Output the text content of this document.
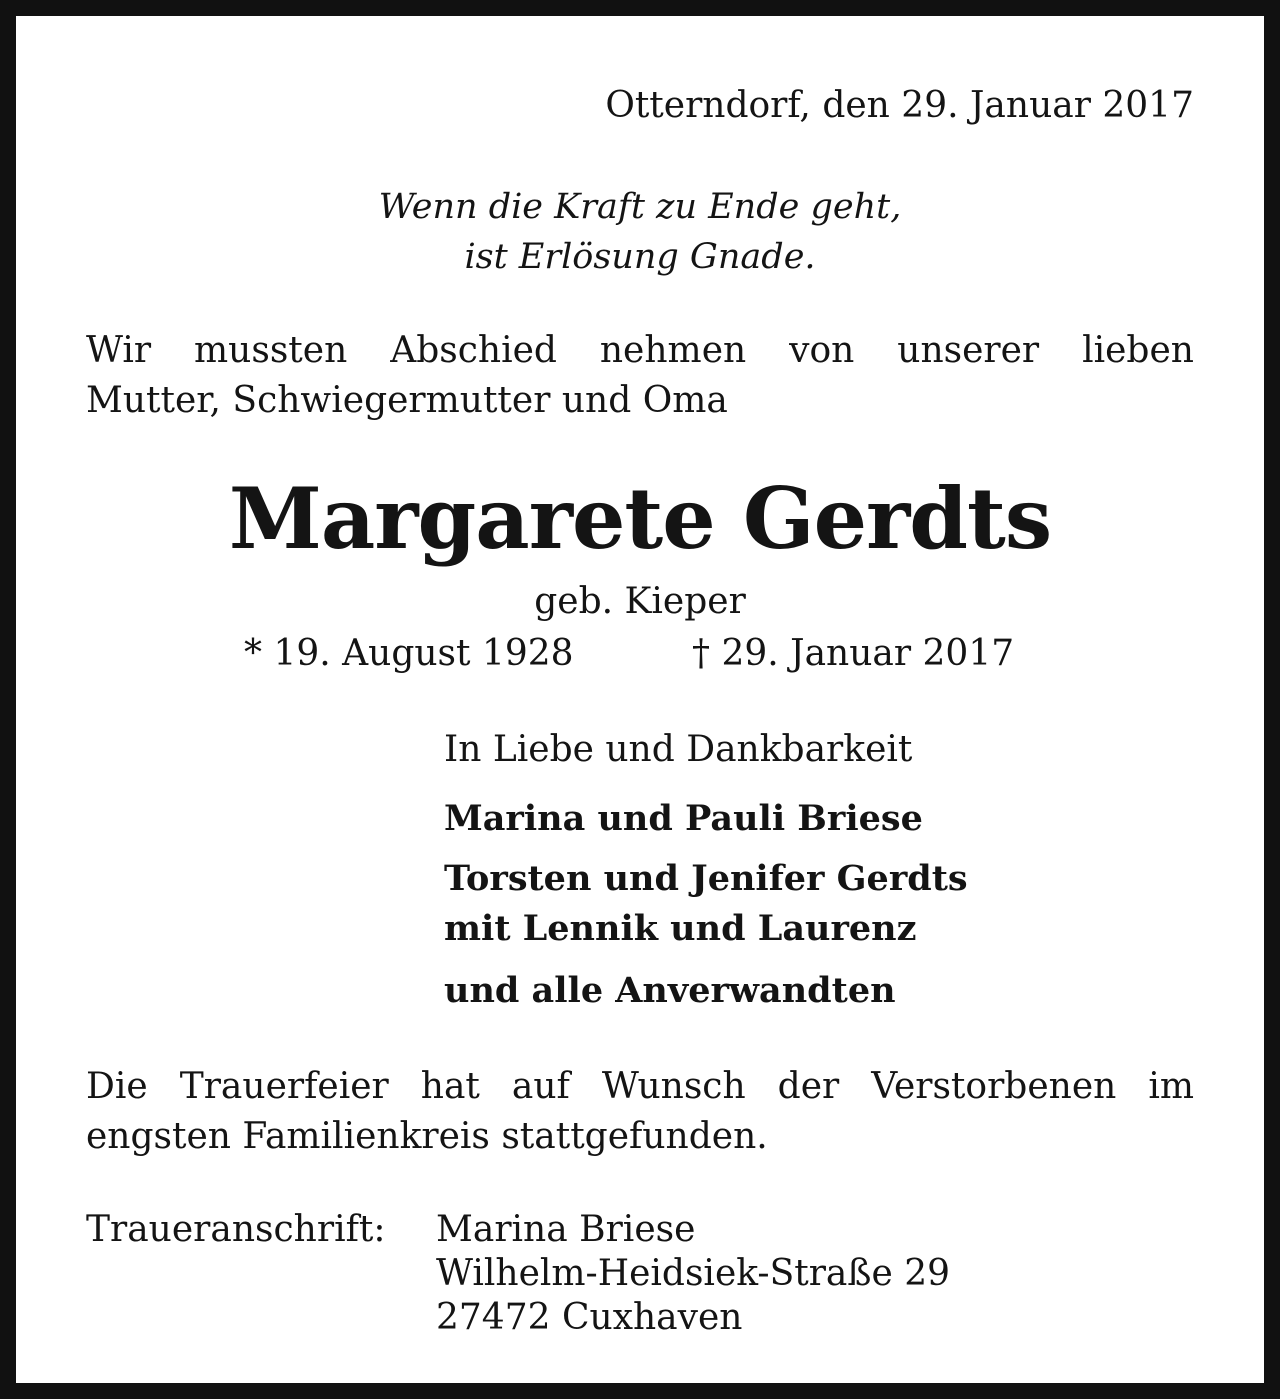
Otterndorf, den 29. Januar 2017

Wenn die Kraft zu Ende geht,
ist Erlösung Gnade.
Wir mussten Abschied nehmen von unserer lieben
Mutter, Schwiegermutter und Oma

Margarete Gerdts

geb. Kieper

* 19. August 1928	† 29. Januar 2017

In Liebe und Dankbarkeit

Marina und Pauli Briese

Torsten und Jenifer Gerdts

mit Lennik und Laurenz

und alle Anverwandten

Die Trauerfeier hat auf Wunsch der Verstorbenen im
engsten Familienkreis stattgefunden.

Traueranschrift: Marina Briese

Wilhelm-Heidsiek-Straße 29

27472 Cuxhaven
